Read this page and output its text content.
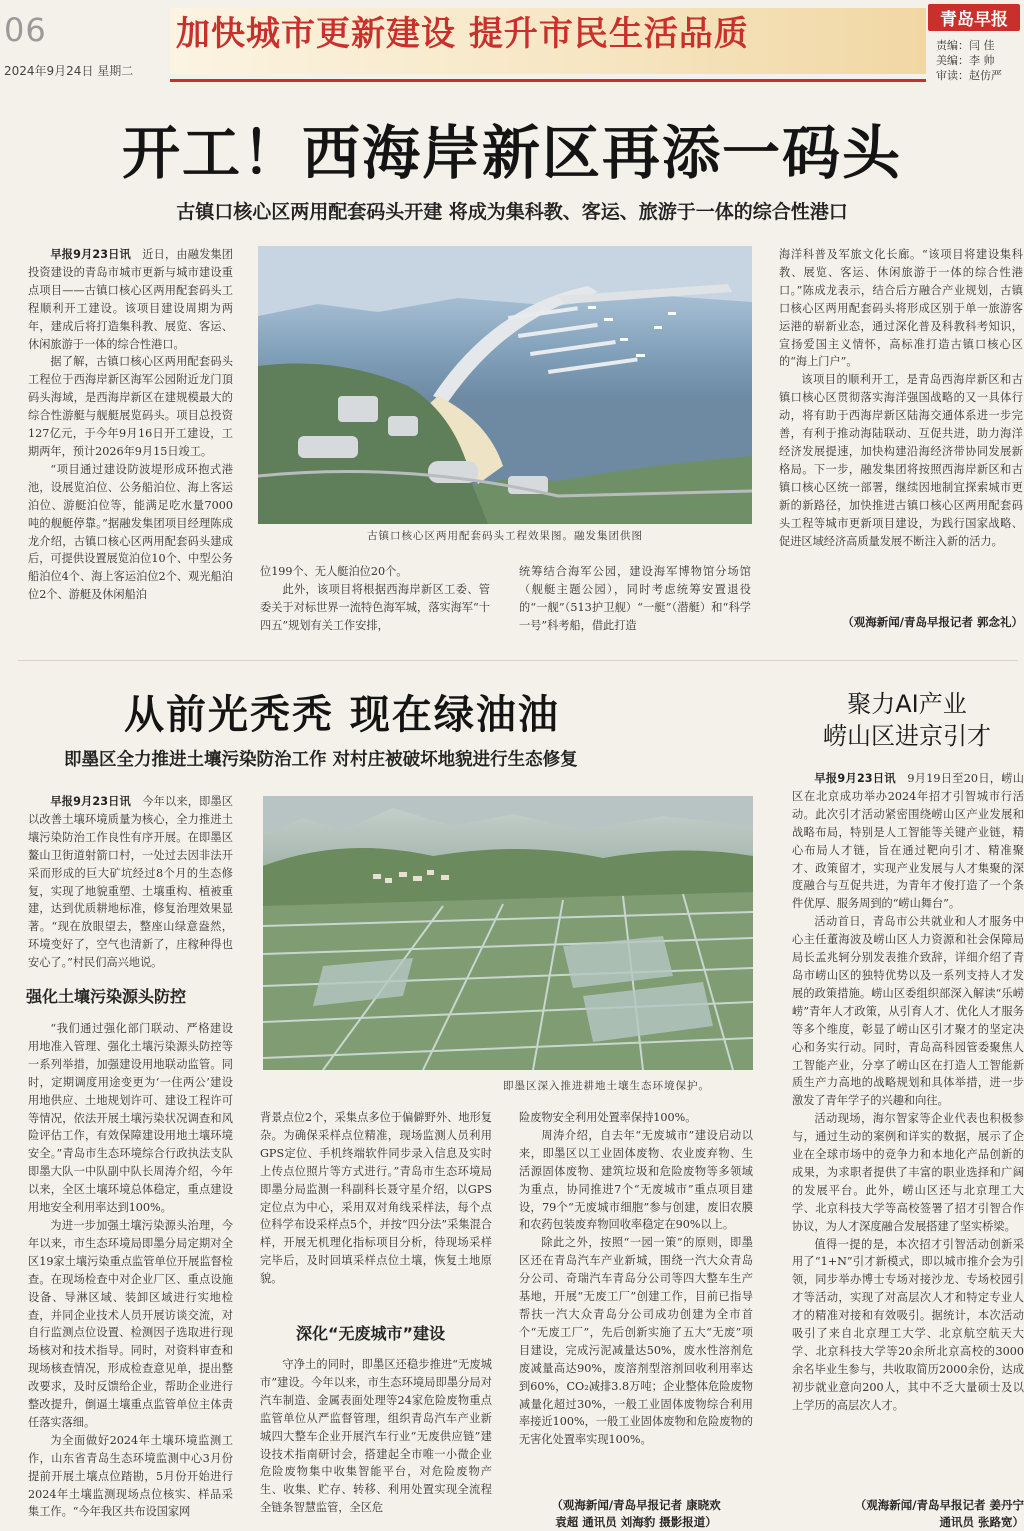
06
2024年9月24日 星期二
加快城市更新建设 提升市民生活品质	青岛早报
责编：闫 佳
美编：李 帅
审读：赵仿严
开工！西海岸新区再添一码头
古镇口核心区两用配套码头开建 将成为集科教、客运、旅游于一体的综合性港口

早报9月23日讯　 近日，由融发集团投资建设的青岛市城市更新与城市建设重点项目——古镇口核心区两用配套码头工程顺利开工建设。该项目建设周期为两年，建成后将打造集科教、展览、客运、休闲旅游于一体的综合性港口。

据了解，古镇口核心区两用配套码头工程位于西海岸新区海军公园附近龙门頂码头海域，是西海岸新区在建规模最大的综合性游艇与舰艇展览码头。项目总投资127亿元，于今年9月16日开工建设，工期两年，预计2026年9月15日竣工。

“项目通过建设防波堤形成环抱式港池，设展览泊位、公务船泊位、海上客运泊位、游艇泊位等，能满足吃水量7000吨的舰艇停靠。”据融发集团项目经理陈成龙介绍，古镇口核心区两用配套码头建成后，可提供设置展览泊位10个、中型公务船泊位4个、海上客运泊位2个、观光船泊位2个、游艇及休闲船泊

古镇口核心区两用配套码头工程效果图。融发集团供图

位199个、无人艇泊位20个。

此外，该项目将根据西海岸新区工委、管委关于对标世界一流特色海军城，落实海军“十四五”规划有关工作安排，

统筹结合海军公园，建设海军博物馆分场馆（舰艇主题公园），同时考虑统筹安置退役的“一舰”（513护卫舰）“一艇”（潜艇）和“科学一号”科考船，借此打造

海洋科普及军旅文化长廊。“该项目将建设集科教、展览、客运、休闲旅游于一体的综合性港口。”陈成龙表示，结合后方融合产业规划，古镇口核心区两用配套码头将形成区别于单一旅游客运港的崭新业态，通过深化普及科教科考知识，宣扬爱国主义情怀，高标准打造古镇口核心区的“海上门户”。

该项目的顺利开工，是青岛西海岸新区和古镇口核心区贯彻落实海洋强国战略的又一具体行动，将有助于西海岸新区陆海交通体系进一步完善，有利于推动海陆联动、互促共进，助力海洋经济发展提速，加快构建沿海经济带协同发展新格局。下一步，融发集团将按照西海岸新区和古镇口核心区统一部署，继续因地制宜探索城市更新的新路径，加快推进古镇口核心区两用配套码头工程等城市更新项目建设，为践行国家战略、促进区域经济高质量发展不断注入新的活力。

（观海新闻/青岛早报记者 郭念礼）
从前光秃秃 现在绿油油
即墨区全力推进土壤污染防治工作 对村庄被破坏地貌进行生态修复

早报9月23日讯　 今年以来，即墨区以改善土壤环境质量为核心，全力推进土壤污染防治工作良性有序开展。在即墨区鳌山卫街道射箭口村，一处过去因非法开采而形成的巨大矿坑经过8个月的生态修复，实现了地貌重塑、土壤重构、植被重建，达到优质耕地标准，修复治理效果显著。“现在放眼望去，整座山绿意盎然，环境变好了，空气也清新了，庄稼种得也安心了。”村民们高兴地说。

强化土壤污染源头防控

“我们通过强化部门联动、严格建设用地准入管理、强化土壤污染源头防控等一系列举措，加强建设用地联动监管。同时，定期调度用途变更为‘一住两公’建设用地供应、土地规划许可、建设工程许可等情况，依法开展土壤污染状况调查和风险评估工作，有效保障建设用地土壤环境安全。”青岛市生态环境综合行政执法支队即墨大队一中队副中队长周涛介绍，今年以来，全区土壤环境总体稳定，重点建设用地安全利用率达到100%。

为进一步加强土壤污染源头治理，今年以来，市生态环境局即墨分局定期对全区19家土壤污染重点监管单位开展监督检查。在现场检查中对企业厂区、重点设施设备、导淋区域、装卸区域进行实地检查，并同企业技术人员开展访谈交流，对自行监测点位设置、检测因子选取进行现场核对和技术指导。同时，对资料审查和现场核查情况，形成检查意见单，提出整改要求，及时反馈给企业，帮助企业进行整改提升，倒逼土壤重点监管单位主体责任落实落细。

为全面做好2024年土壤环境监测工作，山东省青岛生态环境监测中心3月份提前开展土壤点位踏勘，5月份开始进行2024年土壤监测现场点位核实、样品采集工作。“今年我区共布设国家网

即墨区深入推进耕地土壤生态环境保护。

背景点位2个，采集点多位于偏僻野外、地形复杂。为确保采样点位精准，现场监测人员利用GPS定位、手机终端软件同步录入信息及实时上传点位照片等方式进行。”青岛市生态环境局即墨分局监测一科副科长聂守星介绍，以GPS定位点为中心，采用双对角线采样法，每个点位科学布设采样点5个，并按“四分法”采集混合样，开展无机理化指标项目分析，待现场采样完毕后，及时回填采样点位土壤，恢复土地原貌。

深化“无废城市”建设

守净土的同时，即墨区还稳步推进“无废城市”建设。今年以来，市生态环境局即墨分局对汽车制造、金属表面处理等24家危险废物重点监管单位从严监督管理，组织青岛汽车产业新城四大整车企业开展汽车行业“无废供应链”建设技术指南研讨会，搭建起全市唯一小微企业危险废物集中收集智能平台，对危险废物产生、收集、贮存、转移、利用处置实现全流程全链条智慧监管，全区危

险废物安全利用处置率保持100%。

周涛介绍，自去年“无废城市”建设启动以来，即墨区以工业固体废物、农业废弃物、生活源固体废物、建筑垃圾和危险废物等多领域为重点，协同推进7个“无废城市”重点项目建设，79个“无废城市细胞”参与创建，废旧农膜和农药包装废弃物回收率稳定在90%以上。

除此之外，按照“一园一策”的原则，即墨区还在青岛汽车产业新城，围绕一汽大众青岛分公司、奇瑞汽车青岛分公司等四大整车生产基地，开展“无废工厂”创建工作，目前已指导帮扶一汽大众青岛分公司成功创建为全市首个“无废工厂”，先后创新实施了五大“无废”项目建设，完成污泥减量达50%，废水性溶剂危废减量高达90%，废溶剂型溶剂回收利用率达到60%，CO₂减排3.8万吨；企业整体危险废物减量化超过30%，一般工业固体废物综合利用率接近100%，一般工业固体废物和危险废物的无害化处置率实现100%。

（观海新闻/青岛早报记者 康晓欢
袁超 通讯员 刘海豹 摄影报道）
聚力AI产业
崂山区进京引才

早报9月23日讯　 9月19日至20日，崂山区在北京成功举办2024年招才引智城市行活动。此次引才活动紧密围绕崂山区产业发展和战略布局，特别是人工智能等关键产业链，精心布局人才链，旨在通过靶向引才、精准聚才、政策留才，实现产业发展与人才集聚的深度融合与互促共进，为青年才俊打造了一个条件优厚、服务周到的“崂山舞台”。

活动首日，青岛市公共就业和人才服务中心主任董海波及崂山区人力资源和社会保障局局长孟兆轲分别发表推介致辞，详细介绍了青岛市崂山区的独特优势以及一系列支持人才发展的政策措施。崂山区委组织部深入解读“乐崂崂”青年人才政策，从引育人才、优化人才服务等多个维度，彰显了崂山区引才聚才的坚定决心和务实行动。同时，青岛高科园管委聚焦人工智能产业，分享了崂山区在打造人工智能新质生产力高地的战略规划和具体举措，进一步激发了青年学子的兴趣和向往。

活动现场，海尔智家等企业代表也积极参与，通过生动的案例和详实的数据，展示了企业在全球市场中的竞争力和本地化产品创新的成果，为求职者提供了丰富的职业选择和广阔的发展平台。此外，崂山区还与北京理工大学、北京科技大学等高校签署了招才引智合作协议，为人才深度融合发展搭建了坚实桥梁。

值得一提的是，本次招才引智活动创新采用了“1+N”引才新模式，即以城市推介会为引领，同步举办博士专场对接沙龙、专场校园引才等活动，实现了对高层次人才和特定专业人才的精准对接和有效吸引。据统计，本次活动吸引了来自北京理工大学、北京航空航天大学、北京科技大学等20余所北京高校的3000余名毕业生参与，共收取简历2000余份，达成初步就业意向200人，其中不乏大量硕士及以上学历的高层次人才。

（观海新闻/青岛早报记者 姜丹宁
通讯员 张路宽）
